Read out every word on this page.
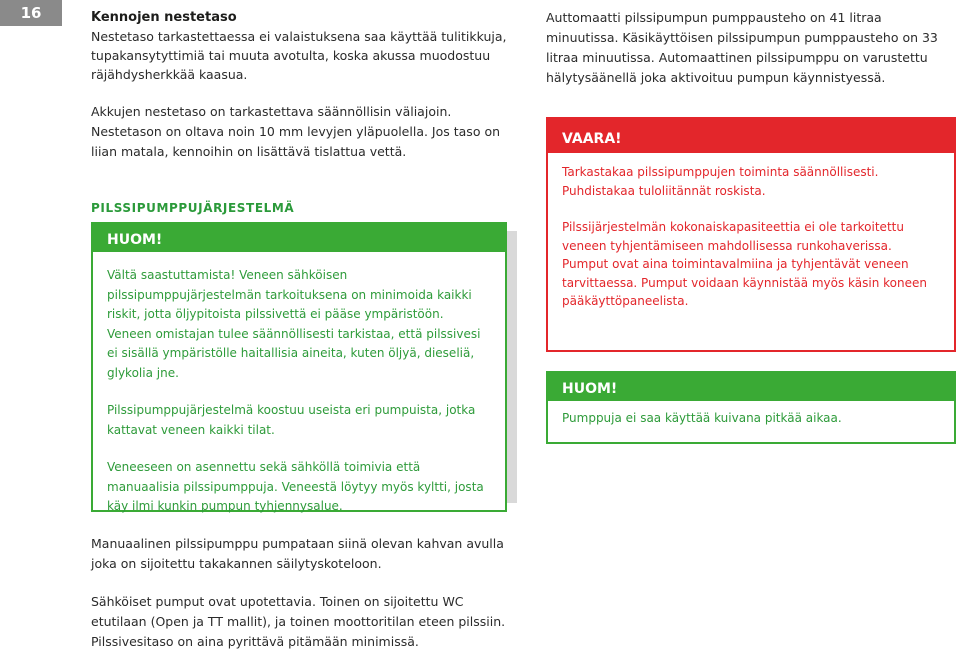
16	Kennojen nestetaso
Nestetaso tarkastettaessa ei valaistuksena saa käyttää tulitikkuja, tupakansytyttimiä tai muuta avotulta, koska akussa muodostuu räjähdysherkkää kaasua.
Akkujen nestetaso on tarkastettava säännöllisin väliajoin. Nestetason on oltava noin 10 mm levyjen yläpuolella. Jos taso on liian matala, kennoihin on lisättävä tislattua vettä.
PILSSIPUMPPUJÄRJESTELMÄ
HUOM!

Vältä saastuttamista! Veneen sähköisen pilssipumppujärjestelmän tarkoituksena on minimoida kaikki riskit, jotta öljypitoista pilssivettä ei pääse ympäristöön. Veneen omistajan tulee säännöllisesti tarkistaa, että pilssivesi ei sisällä ympäristölle haitallisia aineita, kuten öljyä, dieseliä, glykolia jne.

Pilssipumppujärjestelmä koostuu useista eri pumpuista, jotka kattavat veneen kaikki tilat.

Veneeseen on asennettu sekä sähköllä toimivia että manuaalisia pilssipumppuja. Veneestä löytyy myös kyltti, josta käy ilmi kunkin pumpun tyhjennysalue.

Manuaalinen pilssipumppu pumpataan siinä olevan kahvan avulla joka on sijoitettu takakannen säilytyskoteloon.

Sähköiset pumput ovat upotettavia. Toinen on sijoitettu WC etutilaan (Open ja TT mallit), ja toinen moottoritilan eteen pilssiin. Pilssivesitaso on aina pyrittävä pitämään minimissä.

Auttomaatti pilssipumpun pumppausteho on 41 litraa minuutissa. Käsikäyttöisen pilssipumpun pumppausteho on 33 litraa minuutissa. Automaattinen pilssipumppu on varustettu hälytysäänellä joka aktivoituu pumpun käynnistyessä.
VAARA!

Tarkastakaa pilssipumppujen toiminta säännöllisesti. Puhdistakaa tuloliitännät roskista.

Pilssijärjestelmän kokonaiskapasiteettia ei ole tarkoitettu veneen tyhjentämiseen mahdollisessa runkohaverissa. Pumput ovat aina toimintavalmiina ja tyhjentävät veneen tarvittaessa. Pumput voidaan käynnistää myös käsin koneen pääkäyttöpaneelista.

HUOM!
Pumppuja ei saa käyttää kuivana pitkää aikaa.
